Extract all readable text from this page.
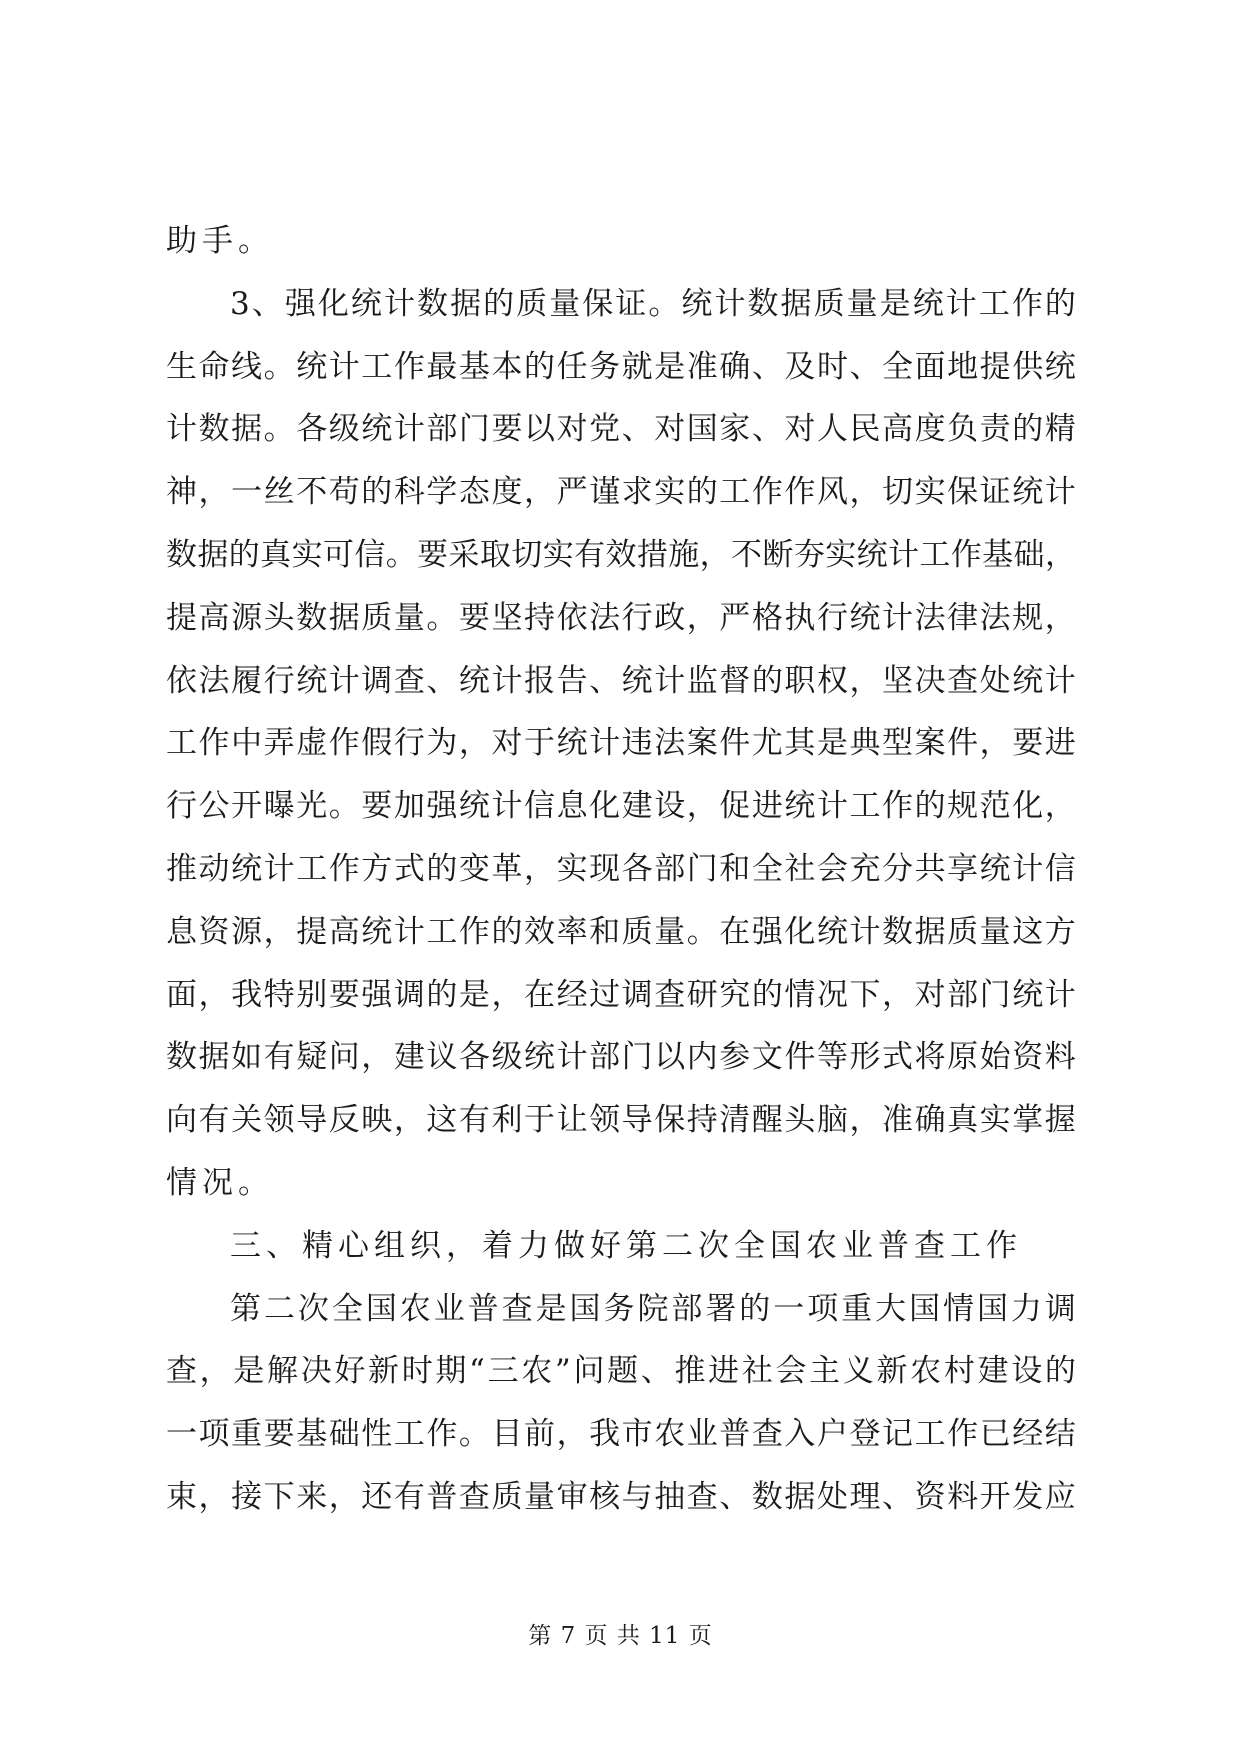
助手。
3 、 强 化 统 计 数 据 的 质 量 保 证 。 统 计 数 据 质 量 是 统 计 工 作 的
生 命 线 。 统 计 工 作 最 基 本 的 任 务 就 是 准 确 、 及 时 、 全 面 地 提 供 统
计 数 据 。 各 级 统 计 部 门 要 以 对 党 、 对 国 家 、 对 人 民 高 度 负 责 的 精
神 ， 一 丝 不 苟 的 科 学 态 度 ， 严 谨 求 实 的 工 作 作 风 ， 切 实 保 证 统 计
数 据 的 真 实 可 信 。 要 采 取 切 实 有 效 措 施 ， 不 断 夯 实 统 计 工 作 基 础 ，
提 高 源 头 数 据 质 量 。 要 坚 持 依 法 行 政 ， 严 格 执 行 统 计 法 律 法 规 ，
依 法 履 行 统 计 调 查 、 统 计 报 告 、 统 计 监 督 的 职 权 ， 坚 决 查 处 统 计
工 作 中 弄 虚 作 假 行 为 ， 对 于 统 计 违 法 案 件 尤 其 是 典 型 案 件 ， 要 进
行 公 开 曝 光 。 要 加 强 统 计 信 息 化 建 设 ， 促 进 统 计 工 作 的 规 范 化 ，
推 动 统 计 工 作 方 式 的 变 革 ， 实 现 各 部 门 和 全 社 会 充 分 共 享 统 计 信
息 资 源 ， 提 高 统 计 工 作 的 效 率 和 质 量 。 在 强 化 统 计 数 据 质 量 这 方
面 ， 我 特 别 要 强 调 的 是 ， 在 经 过 调 查 研 究 的 情 况 下 ， 对 部 门 统 计
数 据 如 有 疑 问 ， 建 议 各 级 统 计 部 门 以 内 参 文 件 等 形 式 将 原 始 资 料
向 有 关 领 导 反 映 ， 这 有 利 于 让 领 导 保 持 清 醒 头 脑 ， 准 确 真 实 掌 握
情况。
三、精心组织，着力做好第二次全国农业普查工作
第 二 次 全 国 农 业 普 查 是 国 务 院 部 署 的 一 项 重 大 国 情 国 力 调
查 ， 是 解 决 好 新 时 期 “ 三 农 ” 问 题 、 推 进 社 会 主 义 新 农 村 建 设 的
一 项 重 要 基 础 性 工 作 。 目 前 ， 我 市 农 业 普 查 入 户 登 记 工 作 已 经 结
束 ， 接 下 来 ， 还 有 普 查 质 量 审 核 与 抽 查 、 数 据 处 理 、 资 料 开 发 应
第 7 页 共 11 页
